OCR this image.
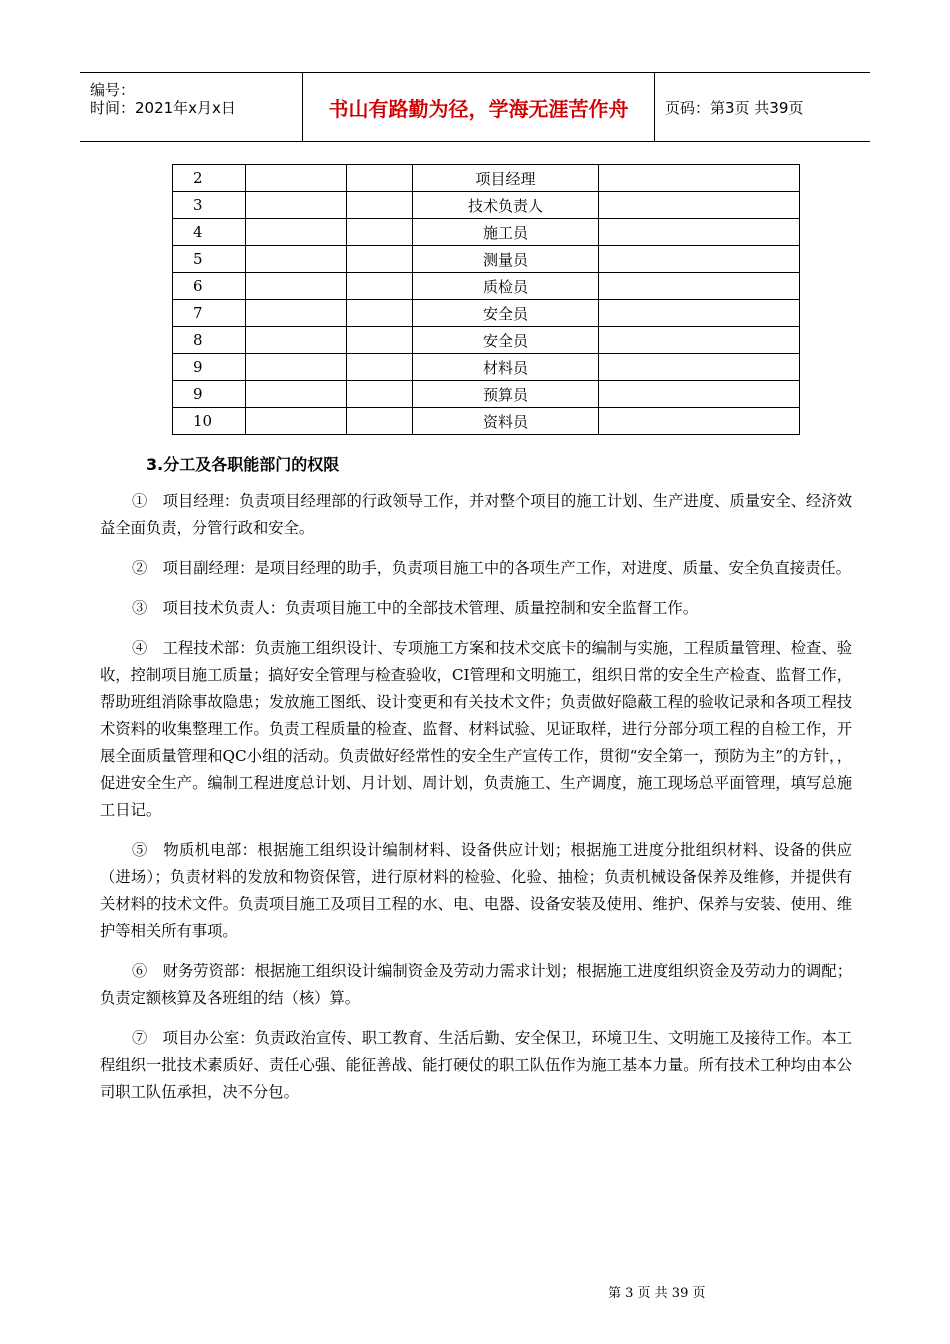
编号：
时间：2021年x月x日	书山有路勤为径，学海无涯苦作舟	页码：第3页 共39页
2			项目经理	
3			技术负责人	
4			施工员	
5			测量员	
6			质检员	
7			安全员	
8			安全员	
9			材料员	
9			预算员	
10			资料员	
3.分工及各职能部门的权限

①　项目经理：负责项目经理部的行政领导工作，并对整个项目的施工计划、生产进度、质量安全、经济效益全面负责，分管行政和安全。

②　项目副经理：是项目经理的助手，负责项目施工中的各项生产工作，对进度、质量、安全负直接责任。

③　项目技术负责人：负责项目施工中的全部技术管理、质量控制和安全监督工作。

④　工程技术部：负责施工组织设计、专项施工方案和技术交底卡的编制与实施，工程质量管理、检查、验收，控制项目施工质量；搞好安全管理与检查验收，CI管理和文明施工，组织日常的安全生产检查、监督工作，帮助班组消除事故隐患；发放施工图纸、设计变更和有关技术文件；负责做好隐蔽工程的验收记录和各项工程技术资料的收集整理工作。负责工程质量的检查、监督、材料试验、见证取样，进行分部分项工程的自检工作，开展全面质量管理和QC小组的活动。负责做好经常性的安全生产宣传工作，贯彻“安全第一，预防为主”的方针，，促进安全生产。编制工程进度总计划、月计划、周计划，负责施工、生产调度，施工现场总平面管理，填写总施工日记。

⑤　物质机电部：根据施工组织设计编制材料、设备供应计划；根据施工进度分批组织材料、设备的供应（进场）；负责材料的发放和物资保管，进行原材料的检验、化验、抽检；负责机械设备保养及维修，并提供有关材料的技术文件。负责项目施工及项目工程的水、电、电器、设备安装及使用、维护、保养与安装、使用、维护等相关所有事项。

⑥　财务劳资部：根据施工组织设计编制资金及劳动力需求计划；根据施工进度组织资金及劳动力的调配；负责定额核算及各班组的结（核）算。

⑦　项目办公室：负责政治宣传、职工教育、生活后勤、安全保卫，环境卫生、文明施工及接待工作。本工程组织一批技术素质好、责任心强、能征善战、能打硬仗的职工队伍作为施工基本力量。所有技术工种均由本公司职工队伍承担，决不分包。

第 3 页 共 39 页
